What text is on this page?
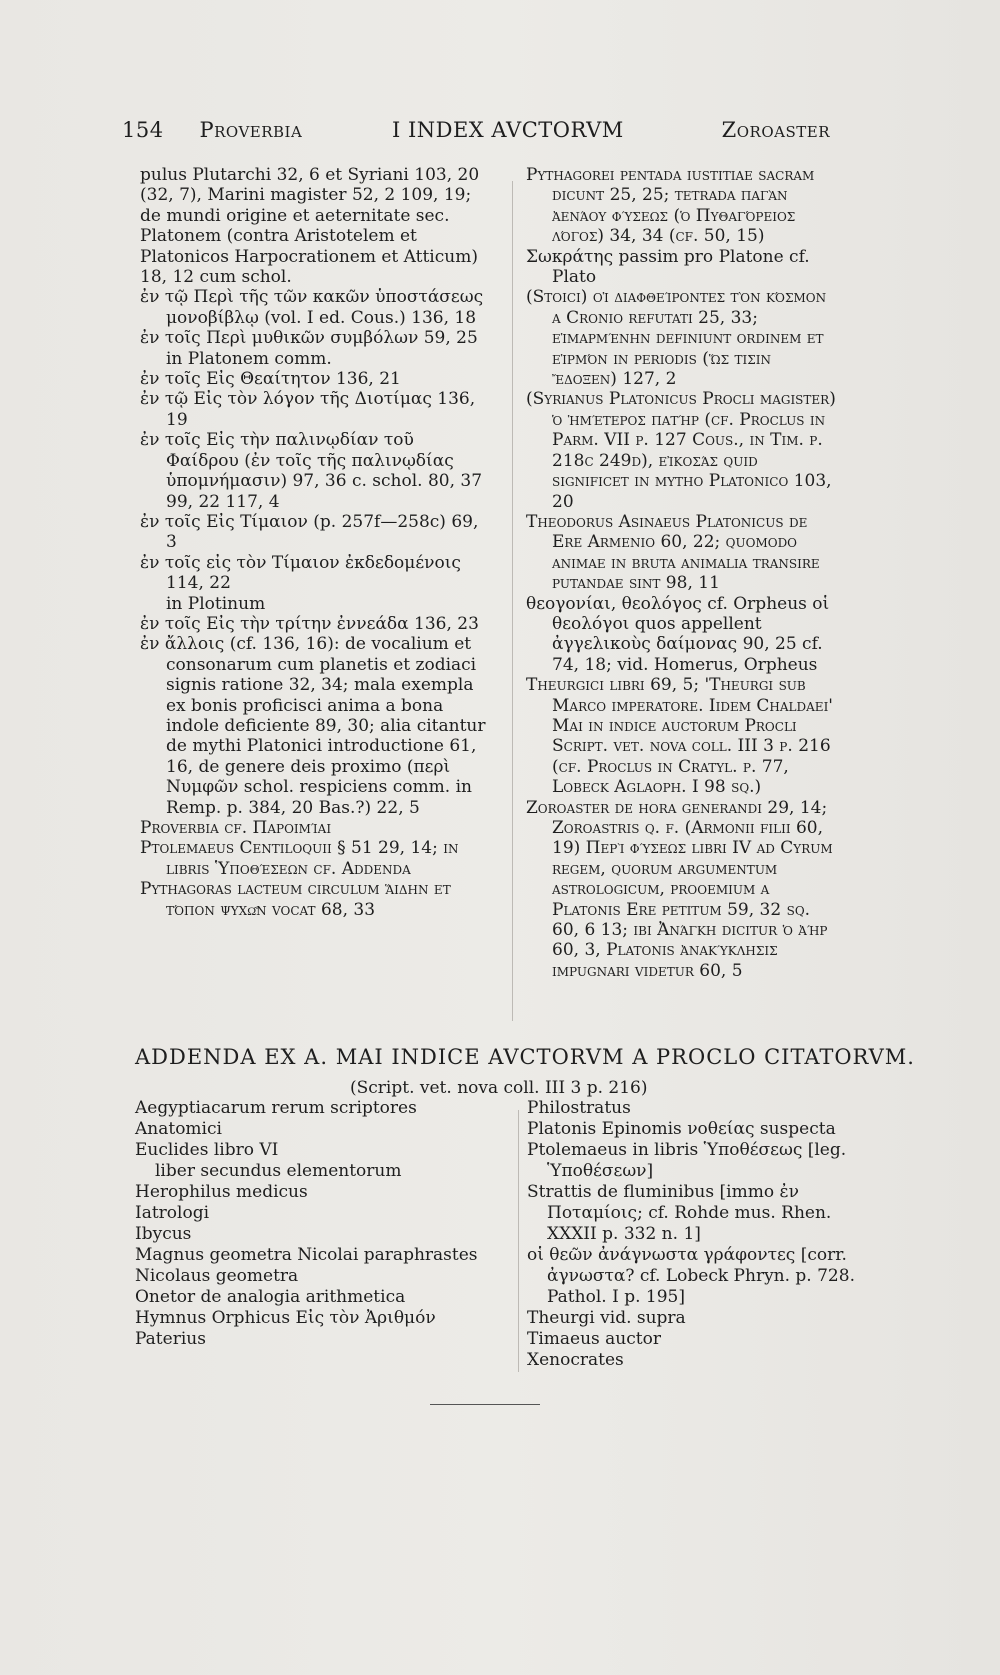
154 Proverbia	I INDEX AVCTORVM	Zoroaster

pulus Plutarchi 32, 6 et Syriani 103, 20 (32, 7), Marini magister 52, 2 109, 19; de mundi origine et aeternitate sec. Platonem (contra Aristotelem et Platonicos Harpocrationem et Atticum) 18, 12 cum schol.

ἐν τῷ Περὶ τῆς τῶν κακῶν ὑποστάσεως μονοβίβλῳ (vol. I ed. Cous.) 136, 18

ἐν τοῖς Περὶ μυθικῶν συμβόλων 59, 25 in Platonem comm.

ἐν τοῖς Εἰς Θεαίτητον 136, 21

ἐν τῷ Εἰς τὸν λόγον τῆς Διοτίμας 136, 19

ἐν τοῖς Εἰς τὴν παλινῳδίαν τοῦ Φαίδρου (ἐν τοῖς τῆς παλινῳδίας ὑπομνήμασιν) 97, 36 c. schol. 80, 37 99, 22 117, 4

ἐν τοῖς Εἰς Τίμαιον (p. 257f—258c) 69, 3

ἐν τοῖς εἰς τὸν Τίμαιον ἐκδεδομένοις 114, 22

in Plotinum

ἐν τοῖς Εἰς τὴν τρίτην ἐννεάδα 136, 23

ἐν ἄλλοις (cf. 136, 16): de vocalium et consonarum cum planetis et zodiaci signis ratione 32, 34; mala exempla ex bonis proficisci anima a bona indole deficiente 89, 30; alia citantur de mythi Platonici introductione 61, 16, de genere deis proximo (περὶ Νυμφῶν schol. respiciens comm. in Remp. p. 384, 20 Bas.?) 22, 5

Proverbia cf. Παροιμίαι

Ptolemaeus Centiloquii § 51 29, 14; in libris Ὑποθέσεων cf. Addenda

Pythagoras lacteum circulum ᾍδην et τόπον ψυχῶν vocat 68, 33

Pythagorei pentada iustitiae sacram dicunt 25, 25; tetrada παγὰν ἀενάου φύσεως (ὁ Πυθαγόρειος λόγος) 34, 34 (cf. 50, 15)

Σωκράτης passim pro Platone cf. Plato

(Stoici) οἱ διαφθείροντες τὸν κόσμον a Cronio refutati 25, 33; εἱμαρμένην definiunt ordinem et εἱρμόν in periodis (ὥς τισιν ἔδοξεν) 127, 2

(Syrianus Platonicus Procli magister) ὁ ἡμέτερος πατήρ (cf. Proclus in Parm. VII p. 127 Cous., in Tim. p. 218c 249d), εἰκοσάς quid significet in mytho Platonico 103, 20

Theodorus Asinaeus Platonicus de Ere Armenio 60, 22; quomodo animae in bruta animalia transire putandae sint 98, 11

θεογονίαι, θεολόγος cf. Orpheus οἱ θεολόγοι quos appellent ἀγγελικοὺς δαίμονας 90, 25 cf. 74, 18; vid. Homerus, Orpheus

Theurgici libri 69, 5; 'Theurgi sub Marco imperatore. Iidem Chaldaei' Mai in indice auctorum Procli Script. vet. nova coll. III 3 p. 216 (cf. Proclus in Cratyl. p. 77, Lobeck Aglaoph. I 98 sq.)

Zoroaster de hora generandi 29, 14; Zoroastris q. f. (Armonii filii 60, 19) Περὶ φύσεως libri IV ad Cyrum regem, quorum argumentum astrologicum, prooemium a Platonis Ere petitum 59, 32 sq. 60, 6 13; ibi Ἀνάγκη dicitur ὁ ἀήρ 60, 3, Platonis ἀνακύκλησις impugnari videtur 60, 5

ADDENDA EX A. MAI INDICE AVCTORVM A PROCLO CITATORVM.
(Script. vet. nova coll. III 3 p. 216)

Aegyptiacarum rerum scriptores

Anatomici

Euclides libro VI

liber secundus elementorum

Herophilus medicus

Iatrologi

Ibycus

Magnus geometra Nicolai paraphrastes

Nicolaus geometra

Onetor de analogia arithmetica

Hymnus Orphicus Εἰς τὸν Ἀριθμόν

Paterius

Philostratus

Platonis Epinomis νοθείας suspecta

Ptolemaeus in libris Ὑποθέσεως [leg. Ὑποθέσεων]

Strattis de fluminibus [immo ἐν Ποταμίοις; cf. Rohde mus. Rhen. XXXII p. 332 n. 1]

οἱ θεῶν ἀνάγνωστα γράφοντες [corr. ἀγνωστα? cf. Lobeck Phryn. p. 728. Pathol. I p. 195]

Theurgi vid. supra

Timaeus auctor

Xenocrates
